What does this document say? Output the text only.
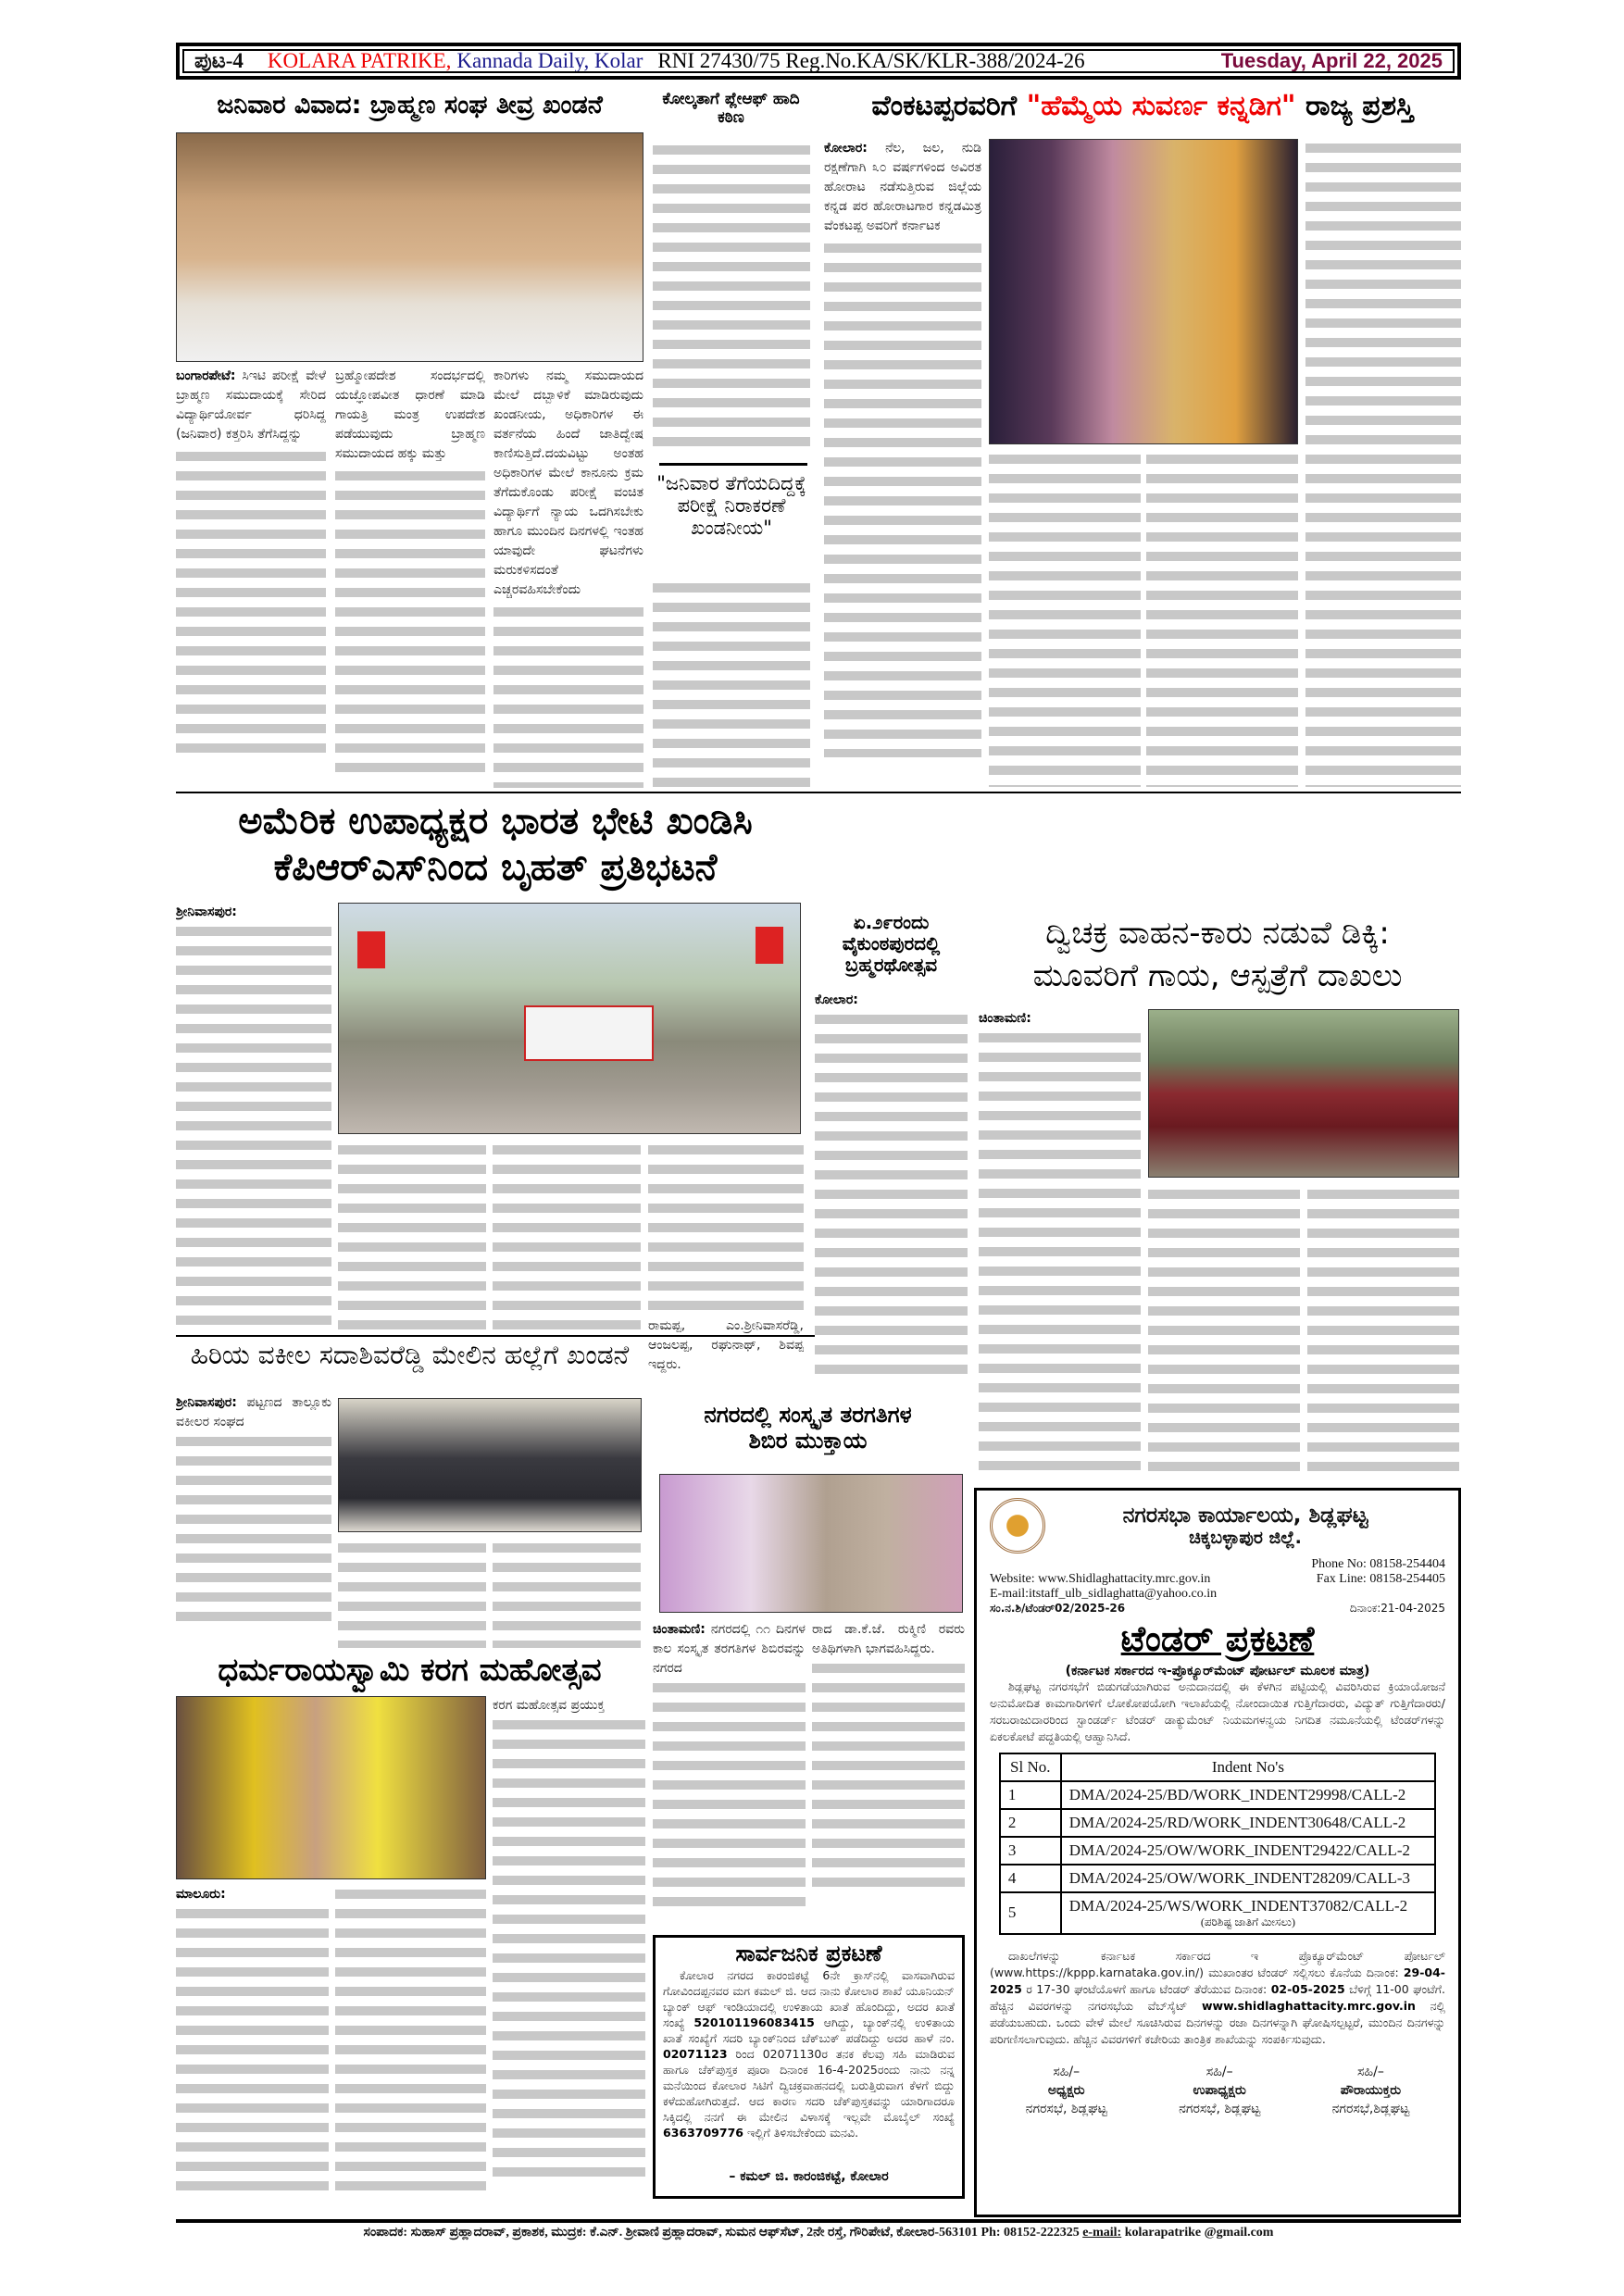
ಪುಟ-4 KOLARA PATRIKE, Kannada Daily, Kolar RNI 27430/75 Reg.No.KA/SK/KLR-388/2024-26	Tuesday, April 22, 2025
ಜನಿವಾರ ವಿವಾದ: ಬ್ರಾಹ್ಮಣ ಸಂಘ ತೀವ್ರ ಖಂಡನೆ
ಬಂಗಾರಪೇಟೆ: ಸಿಇಟಿ ಪರೀಕ್ಷೆ ವೇಳೆ ಬ್ರಾಹ್ಮಣ ಸಮುದಾಯಕ್ಕೆ ಸೇರಿದ ವಿದ್ಯಾರ್ಥಿಯೋರ್ವ ಧರಿಸಿದ್ದ (ಜನಿವಾರ) ಕತ್ತರಿಸಿ ತೆಗೆಸಿದ್ದನ್ನು
ಬ್ರಹ್ಮೋಪದೇಶ ಸಂದರ್ಭದಲ್ಲಿ ಯಜ್ಞೋಪವೀತ ಧಾರಣೆ ಮಾಡಿ ಗಾಯತ್ರಿ ಮಂತ್ರ ಉಪದೇಶ ಪಡೆಯುವುದು ಬ್ರಾಹ್ಮಣ ಸಮುದಾಯದ ಹಕ್ಕು ಮತ್ತು
ಕಾರಿಗಳು ನಮ್ಮ ಸಮುದಾಯದ ಮೇಲೆ ದಬ್ಬಾಳಿಕೆ ಮಾಡಿರುವುದು ಖಂಡನೀಯ, ಅಧಿಕಾರಿಗಳ ಈ ವರ್ತನೆಯ ಹಿಂದೆ ಜಾತಿದ್ವೇಷ ಕಾಣಿಸುತ್ತಿದೆ.ದಯವಿಟ್ಟು ಅಂತಹ ಅಧಿಕಾರಿಗಳ ಮೇಲೆ ಕಾನೂನು ಕ್ರಮ ತೆಗೆದುಕೊಂಡು ಪರೀಕ್ಷೆ ವಂಚಿತ ವಿದ್ಯಾರ್ಥಿಗೆ ನ್ಯಾಯ ಒದಗಿಸಬೇಕು ಹಾಗೂ ಮುಂದಿನ ದಿನಗಳಲ್ಲಿ ಇಂತಹ ಯಾವುದೇ ಘಟನೆಗಳು ಮರುಕಳಿಸದಂತೆ ಎಚ್ಚರವಹಿಸಬೇಕೆಂದು
ಕೋಲ್ಕತಾಗೆ ಪ್ಲೇಆಫ್ ಹಾದಿ ಕಠಿಣ
"ಜನಿವಾರ ತೆಗೆಯದಿದ್ದಕ್ಕೆ ಪರೀಕ್ಷೆ ನಿರಾಕರಣೆ ಖಂಡನೀಯ"
ವೆಂಕಟಪ್ಪರವರಿಗೆ "ಹೆಮ್ಮೆಯ ಸುವರ್ಣ ಕನ್ನಡಿಗ" ರಾಜ್ಯ ಪ್ರಶಸ್ತಿ
ಕೋಲಾರ: ನೆಲ, ಜಲ, ನುಡಿ ರಕ್ಷಣೆಗಾಗಿ ೩೦ ವರ್ಷಗಳಿಂದ ಅವಿರತ ಹೋರಾಟ ನಡೆಸುತ್ತಿರುವ ಜಿಲ್ಲೆಯ ಕನ್ನಡ ಪರ ಹೋರಾಟಗಾರ ಕನ್ನಡಮಿತ್ರ ವೆಂಕಟಪ್ಪ ಅವರಿಗೆ ಕರ್ನಾಟಕ
ಅಮೆರಿಕ ಉಪಾಧ್ಯಕ್ಷರ ಭಾರತ ಭೇಟಿ ಖಂಡಿಸಿ
ಕೆಪಿಆರ್‌ಎಸ್‌ನಿಂದ ಬೃಹತ್ ಪ್ರತಿಭಟನೆ
ಶ್ರೀನಿವಾಸಪುರ:
ರಾಮಪ್ಪ, ಎಂ.ಶ್ರೀನಿವಾಸರೆಡ್ಡಿ, ಆಂಜಲಪ್ಪ, ರಘುನಾಥ್, ಶಿವಪ್ಪ ಇದ್ದರು.
ಏ.೨೯ರಂದು ವೈಕುಂಠಪುರದಲ್ಲಿ ಬ್ರಹ್ಮರಥೋತ್ಸವ
ಕೋಲಾರ:
ದ್ವಿಚಕ್ರ ವಾಹನ-ಕಾರು ನಡುವೆ ಡಿಕ್ಕಿ:
ಮೂವರಿಗೆ ಗಾಯ, ಆಸ್ಪತ್ರೆಗೆ ದಾಖಲು
ಚಿಂತಾಮಣಿ:
ಹಿರಿಯ ವಕೀಲ ಸದಾಶಿವರೆಡ್ಡಿ ಮೇಲಿನ ಹಲ್ಲೆಗೆ ಖಂಡನೆ
ಶ್ರೀನಿವಾಸಪುರ: ಪಟ್ಟಣದ ತಾಲ್ಲೂಕು ವಕೀಲರ ಸಂಘದ	ನಗರದಲ್ಲಿ ಸಂಸ್ಕೃತ ತರಗತಿಗಳ
ಶಿಬಿರ ಮುಕ್ತಾಯ
ಚಿಂತಾಮಣಿ: ನಗರದಲ್ಲಿ ೧೧ ದಿನಗಳ ಕಾಲ ಸಂಸ್ಕೃತ ತರಗತಿಗಳ ಶಿಬಿರವನ್ನು ನಗರದ
ರಾದ ಡಾ.ಕೆ.ಜೆ. ರುಕ್ಮಿಣಿ ರವರು ಅತಿಥಿಗಳಾಗಿ ಭಾಗವಹಿಸಿದ್ದರು.
ಧರ್ಮರಾಯಸ್ವಾಮಿ ಕರಗ ಮಹೋತ್ಸವ
ಕರಗ ಮಹೋತ್ಸವ ಪ್ರಯುಕ್ತ
ಮಾಲೂರು:
ಸಾರ್ವಜನಿಕ ಪ್ರಕಟಣೆ
ಕೋಲಾರ ನಗರದ ಕಾರಂಜಿಕಟ್ಟೆ 6ನೇ ಕ್ರಾಸ್‌ನಲ್ಲಿ ವಾಸವಾಗಿರುವ ಗೋವಿಂದಪ್ಪನವರ ಮಗ ಕಮಲ್ ಜಿ. ಆದ ನಾನು ಕೋಲಾರ ಶಾಖೆ ಯೂನಿಯನ್ ಬ್ಯಾಂಕ್ ಆಫ್ ಇಂಡಿಯಾದಲ್ಲಿ ಉಳಿತಾಯ ಖಾತೆ ಹೊಂದಿದ್ದು, ಅದರ ಖಾತೆ ಸಂಖ್ಯೆ 520101196083415 ಆಗಿದ್ದು, ಬ್ಯಾಂಕ್‌ನಲ್ಲಿ ಉಳಿತಾಯ ಖಾತೆ ಸಂಖ್ಯೆಗೆ ಸದರಿ ಬ್ಯಾಂಕ್‌ನಿಂದ ಚೆಕ್‌ಬುಕ್ ಪಡೆದಿದ್ದು ಅದರ ಹಾಳೆ ನಂ. 02071123 ರಿಂದ 02071130ರ ತನಕ ಕೆಲವು ಸಹಿ ಮಾಡಿರುವ ಹಾಗೂ ಚೆಕ್‌ಪುಸ್ತಕ ಪೂರಾ ದಿನಾಂಕ 16-4-2025ರಂದು ನಾನು ನನ್ನ ಮನೆಯಿಂದ ಕೋಲಾರ ಸಿಟಿಗೆ ದ್ವಿಚಕ್ರವಾಹನದಲ್ಲಿ ಬರುತ್ತಿರುವಾಗ ಕೆಳಗೆ ಬಿದ್ದು ಕಳೆದುಹೋಗಿರುತ್ತದೆ. ಆದ ಕಾರಣ ಸದರಿ ಚೆಕ್‌ಪುಸ್ತಕವನ್ನು ಯಾರಿಗಾದರೂ ಸಿಕ್ಕಿದಲ್ಲಿ ನನಗೆ ಈ ಮೇಲಿನ ವಿಳಾಸಕ್ಕೆ ಇಲ್ಲವೇ ಮೊಬೈಲ್ ಸಂಖ್ಯೆ 6363709776 ಇಲ್ಲಿಗೆ ತಿಳಿಸಬೇಕೆಂದು ಮನವಿ.
– ಕಮಲ್ ಜಿ. ಕಾರಂಜಿಕಟ್ಟೆ, ಕೋಲಾರ
ನಗರಸಭಾ ಕಾರ್ಯಾಲಯ, ಶಿಡ್ಲಘಟ್ಟ
ಚಿಕ್ಕಬಳ್ಳಾಪುರ ಜಿಲ್ಲೆ.
Phone No: 08158-254404
Website: www.Shidlaghattacity.mrc.gov.in	Fax Line: 08158-254405
E-mail:itstaff_ulb_sidlaghatta@yahoo.co.in
ಸಂ.ನ.ಶಿ/ಟೆಂಡರ್02/2025-26	ದಿನಾಂಕ:21-04-2025
ಟೆಂಡರ್ ಪ್ರಕಟಣೆ
(ಕರ್ನಾಟಕ ಸರ್ಕಾರದ ಇ-ಪ್ರೊಕ್ಯೂರ್‌ಮೆಂಟ್ ಪೋರ್ಟಲ್ ಮೂಲಕ ಮಾತ್ರ)
ಶಿಡ್ಲಘಟ್ಟ ನಗರಸಭೆಗೆ ಬಿಡುಗಡೆಯಾಗಿರುವ ಅನುದಾನದಲ್ಲಿ ಈ ಕೆಳಗಿನ ಪಟ್ಟಿಯಲ್ಲಿ ವಿವರಿಸಿರುವ ಕ್ರಿಯಾಯೋಜನೆ ಅನುಮೋದಿತ ಕಾಮಗಾರಿಗಳಿಗೆ ಲೋಕೋಪಯೋಗಿ ಇಲಾಖೆಯಲ್ಲಿ ನೋಂದಾಯಿತ ಗುತ್ತಿಗೆದಾರರು, ವಿದ್ಯುತ್ ಗುತ್ತಿಗೆದಾರರು/ಸರಬರಾಜುದಾರರಿಂದ ಸ್ಟಾಂಡರ್ಡ್ ಟೆಂಡರ್ ಡಾಕ್ಯುಮೆಂಟ್ ನಿಯಮಗಳನ್ವಯ ನಿಗದಿತ ನಮೂನೆಯಲ್ಲಿ ಟೆಂಡರ್‌ಗಳನ್ನು ಏಕಲಕೋಟೆ ಪದ್ಧತಿಯಲ್ಲಿ ಆಹ್ವಾನಿಸಿದೆ.
Sl No.	Indent No's
1	DMA/2024-25/BD/WORK_INDENT29998/CALL-2
2	DMA/2024-25/RD/WORK_INDENT30648/CALL-2
3	DMA/2024-25/OW/WORK_INDENT29422/CALL-2
4	DMA/2024-25/OW/WORK_INDENT28209/CALL-3
5	DMA/2024-25/WS/WORK_INDENT37082/CALL-2
(ಪರಿಶಿಷ್ಟ ಜಾತಿಗೆ ಮೀಸಲು)
ದಾಖಲೆಗಳನ್ನು ಕರ್ನಾಟಕ ಸರ್ಕಾರದ ಇ ಪ್ರೊಕ್ಯೂರ್‌ಮೆಂಟ್ ಪೋರ್ಟಲ್ (www.https://kppp.karnataka.gov.in/) ಮುಖಾಂತರ ಟೆಂಡರ್ ಸಲ್ಲಿಸಲು ಕೊನೆಯ ದಿನಾಂಕ: 29-04-2025 ರ 17-30 ಘಂಟೆಯೊಳಗೆ ಹಾಗೂ ಟೆಂಡರ್ ತೆರೆಯುವ ದಿನಾಂಕ: 02-05-2025 ಬೆಳಿಗ್ಗೆ 11-00 ಘಂಟೆಗೆ. ಹೆಚ್ಚಿನ ವಿವರಗಳನ್ನು ನಗರಸಭೆಯ ವೆಬ್‌ಸೈಟ್ www.shidlaghattacity.mrc.gov.in ನಲ್ಲಿ ಪಡೆಯಬಹುದು. ಒಂದು ವೇಳೆ ಮೇಲೆ ಸೂಚಿಸಿರುವ ದಿನಗಳನ್ನು ರಜಾ ದಿನಗಳನ್ನಾಗಿ ಘೋಷಿಸಲ್ಪಟ್ಟರೆ, ಮುಂದಿನ ದಿನಗಳನ್ನು ಪರಿಗಣಿಸಲಾಗುವುದು. ಹೆಚ್ಚಿನ ವಿವರಗಳಿಗೆ ಕಚೇರಿಯ ತಾಂತ್ರಿಕ ಶಾಖೆಯನ್ನು ಸಂಪರ್ಕಿಸುವುದು.
ಸಹಿ/–
ಅಧ್ಯಕ್ಷರು
ನಗರಸಭೆ, ಶಿಡ್ಲಘಟ್ಟ
ಸಹಿ/–
ಉಪಾಧ್ಯಕ್ಷರು
ನಗರಸಭೆ, ಶಿಡ್ಲಘಟ್ಟ
ಸಹಿ/–
ಪೌರಾಯುಕ್ತರು
ನಗರಸಭೆ,ಶಿಡ್ಲಘಟ್ಟ
ಸಂಪಾದಕ: ಸುಹಾಸ್ ಪ್ರಹ್ಲಾದರಾವ್, ಪ್ರಕಾಶಕ, ಮುದ್ರಕ: ಕೆ.ಎನ್. ಶ್ರೀವಾಣಿ ಪ್ರಹ್ಲಾದರಾವ್, ಸುಮನ ಆಫ್‌ಸೆಟ್, 2ನೇ ರಸ್ತೆ, ಗೌರಿಪೇಟೆ, ಕೋಲಾರ-563101 Ph: 08152-222325 e-mail: kolarapatrike @gmail.com
